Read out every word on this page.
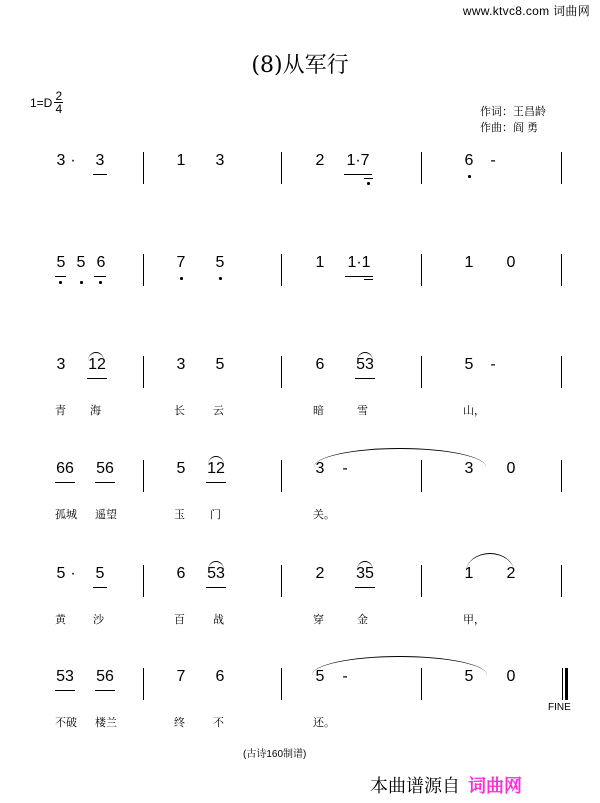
www.ktvc8.com 词曲网
(8)从军行
$1=D \frac{2}{4}$	作词：王昌龄
作曲：阎 勇
3 ·	3	1 3	2	1·7	6	-
5 5 6	7 5	1 1·1	1 0
3 12	3 5	6 53	5	-
青 海	长	云	暗	雪	山，
66 56	5 12	3	-	3 0
孤城 遥望	玉 门	关。
5 ·	5	6 53	2 35	1 2
黄 沙	百	战	穿	金	甲，
53 56	7 6	5	-	5 0
不破 楼兰	终	不	还。
FINE
(古诗160制谱)
本曲谱源自 词曲网
